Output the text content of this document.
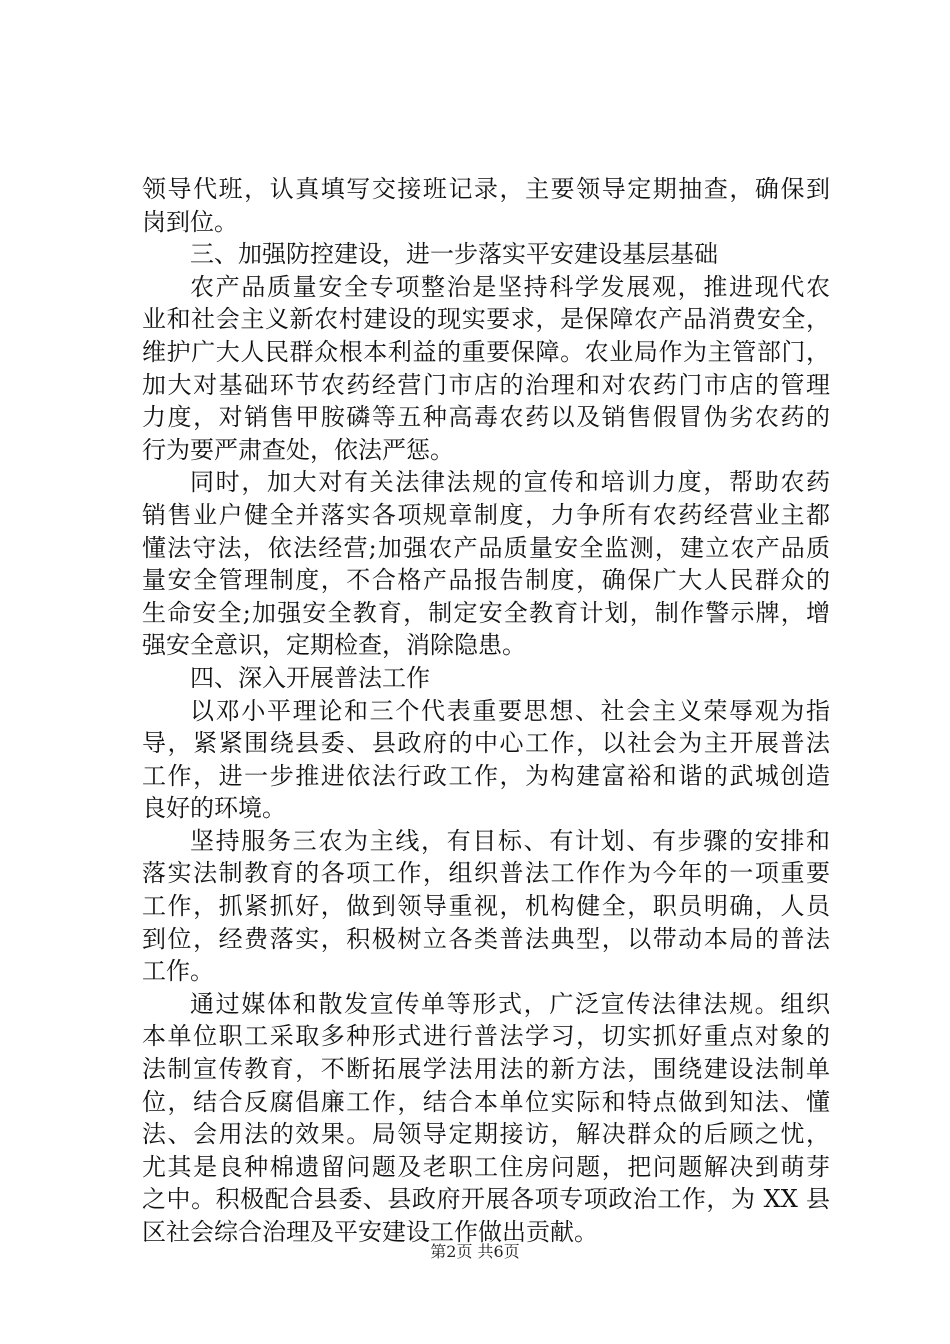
领导代班，认真填写交接班记录，主要领导定期抽查，确保到
岗到位。
三、加强防控建设，进一步落实平安建设基层基础
农产品质量安全专项整治是坚持科学发展观，推进现代农
业和社会主义新农村建设的现实要求，是保障农产品消费安全，
维护广大人民群众根本利益的重要保障。农业局作为主管部门，
加大对基础环节农药经营门市店的治理和对农药门市店的管理
力度，对销售甲胺磷等五种高毒农药以及销售假冒伪劣农药的
行为要严肃查处，依法严惩。
同时，加大对有关法律法规的宣传和培训力度，帮助农药
销售业户健全并落实各项规章制度，力争所有农药经营业主都
懂法守法，依法经营;加强农产品质量安全监测，建立农产品质
量安全管理制度，不合格产品报告制度，确保广大人民群众的
生命安全;加强安全教育，制定安全教育计划，制作警示牌，增
强安全意识，定期检查，消除隐患。
四、深入开展普法工作
以邓小平理论和三个代表重要思想、社会主义荣辱观为指
导，紧紧围绕县委、县政府的中心工作，以社会为主开展普法
工作，进一步推进依法行政工作，为构建富裕和谐的武城创造
良好的环境。
坚持服务三农为主线，有目标、有计划、有步骤的安排和
落实法制教育的各项工作，组织普法工作作为今年的一项重要
工作，抓紧抓好，做到领导重视，机构健全，职员明确，人员
到位，经费落实，积极树立各类普法典型，以带动本局的普法
工作。
通过媒体和散发宣传单等形式，广泛宣传法律法规。组织
本单位职工采取多种形式进行普法学习，切实抓好重点对象的
法制宣传教育，不断拓展学法用法的新方法，围绕建设法制单
位，结合反腐倡廉工作，结合本单位实际和特点做到知法、懂
法、会用法的效果。局领导定期接访，解决群众的后顾之忧，
尤其是良种棉遗留问题及老职工住房问题，把问题解决到萌芽
之中。积极配合县委、县政府开展各项专项政治工作，为 XX 县
区社会综合治理及平安建设工作做出贡献。
第2页 共6页
